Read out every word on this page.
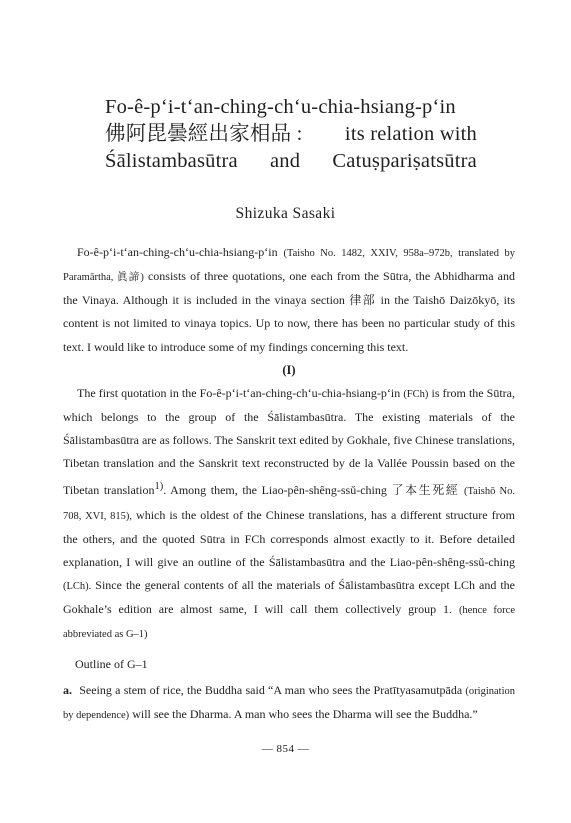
Fo-ê-p‘i-t‘an-ching-ch‘u-chia-hsiang-p‘in
佛阿毘曇經出家相品 : its relation with
Śālistambasūtra and Catuṣpariṣatsūtra
Shizuka Sasaki

Fo-ê-p‘i-t‘an-ching-ch‘u-chia-hsiang-p‘in (Taisho No. 1482, XXIV, 958a–972b, translated by Paramārtha, 眞諦) consists of three quotations, one each from the Sūtra, the Abhidharma and the Vinaya. Although it is included in the vinaya section 律部 in the Taishō Daizōkyō, its content is not limited to vinaya topics. Up to now, there has been no particular study of this text. I would like to introduce some of my findings concerning this text.

(I)

The first quotation in the Fo-ê-p‘i-t‘an-ching-ch‘u-chia-hsiang-p‘in (FCh) is from the Sūtra, which belongs to the group of the Śālistambasūtra. The existing materials of the Śālistambasūtra are as follows. The Sanskrit text edited by Gokhale, five Chinese translations, Tibetan translation and the Sanskrit text reconstructed by de la Vallée Poussin based on the Tibetan translation$^{1)}$. Among them, the Liao-pên-shêng-ssŭ-ching 了本生死經 (Taishō No. 708, XVI, 815), which is the oldest of the Chinese translations, has a different structure from the others, and the quoted Sūtra in FCh corresponds almost exactly to it. Before detailed explanation, I will give an outline of the Śālistambasūtra and the Liao-pên-shêng-ssŭ-ching (LCh). Since the general contents of all the materials of Śālistambasūtra except LCh and the Gokhale’s edition are almost same, I will call them collectively group 1. (hence force abbreviated as G–1)

Outline of G–1
a. Seeing a stem of rice, the Buddha said “A man who sees the Pratītyasamutpāda (origination by dependence) will see the Dharma. A man who sees the Dharma will see the Buddha.”
— 854 —
